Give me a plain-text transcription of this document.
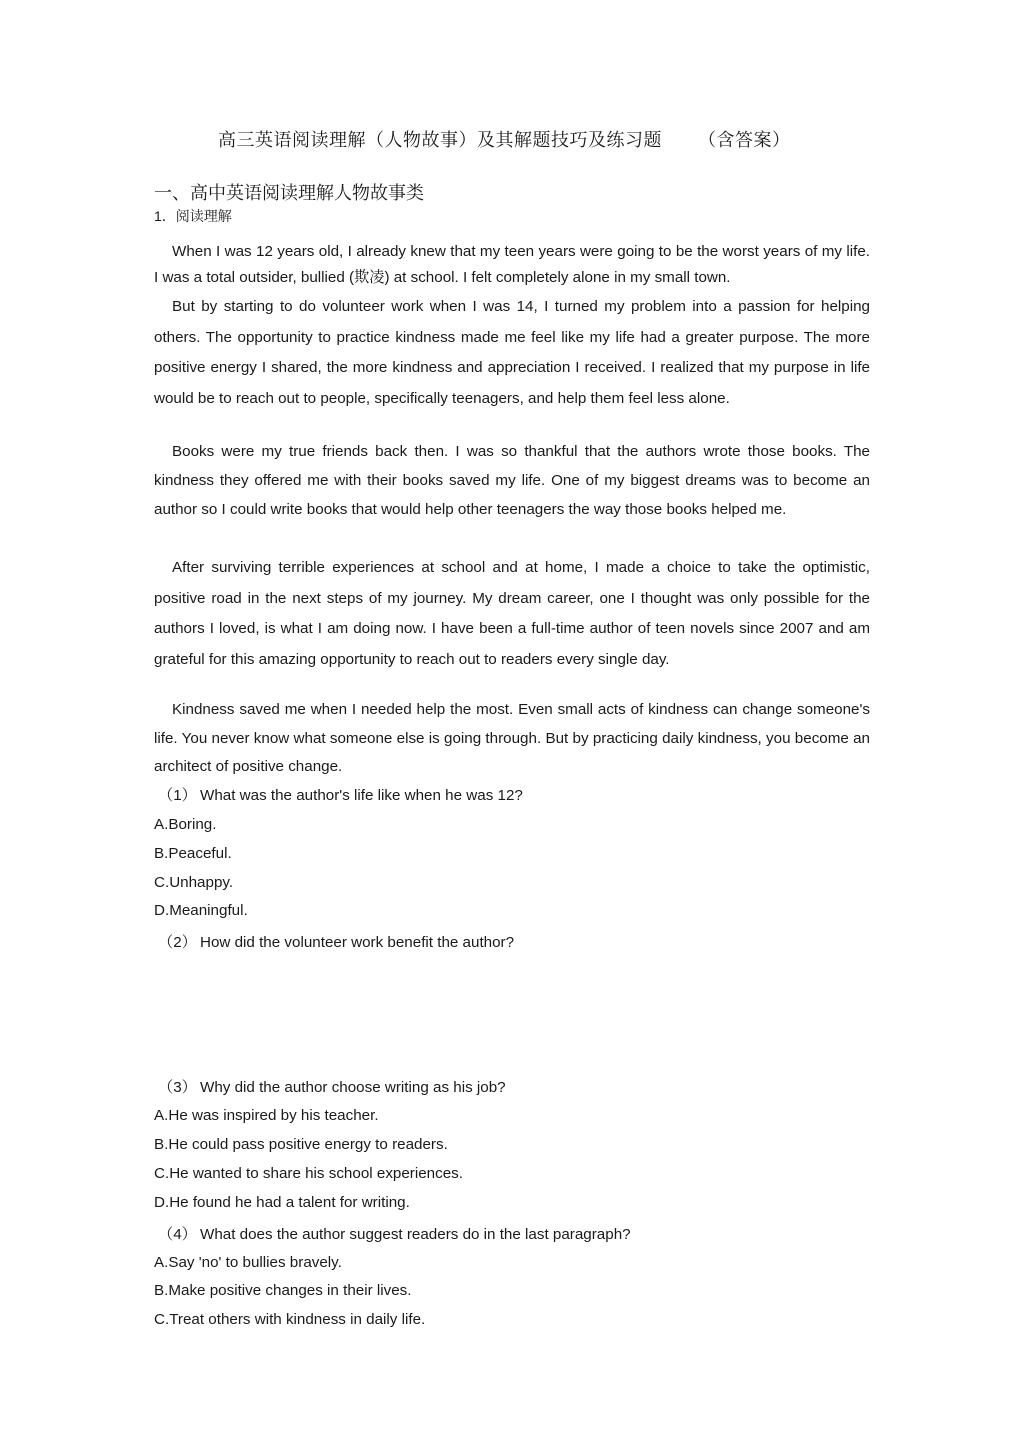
高三英语阅读理解（人物故事）及其解题技巧及练习题 （含答案）
一、高中英语阅读理解人物故事类
1．阅读理解

When I was 12 years old, I already knew that my teen years were going to be the worst years of my life. I was a total outsider, bullied (欺凌) at school. I felt completely alone in my small town.

But by starting to do volunteer work when I was 14, I turned my problem into a passion for helping others. The opportunity to practice kindness made me feel like my life had a greater purpose. The more positive energy I shared, the more kindness and appreciation I received. I realized that my purpose in life would be to reach out to people, specifically teenagers, and help them feel less alone.

Books were my true friends back then. I was so thankful that the authors wrote those books. The kindness they offered me with their books saved my life. One of my biggest dreams was to become an author so I could write books that would help other teenagers the way those books helped me.

After surviving terrible experiences at school and at home, I made a choice to take the optimistic, positive road in the next steps of my journey. My dream career, one I thought was only possible for the authors I loved, is what I am doing now. I have been a full-time author of teen novels since 2007 and am grateful for this amazing opportunity to reach out to readers every single day.

Kindness saved me when I needed help the most. Even small acts of kindness can change someone's life. You never know what someone else is going through. But by practicing daily kindness, you become an architect of positive change.

（1） What was the author's life like when he was 12?
A.Boring.
B.Peaceful.
C.Unhappy.
D.Meaningful.
（2） How did the volunteer work benefit the author?
（3） Why did the author choose writing as his job?
A.He was inspired by his teacher.
B.He could pass positive energy to readers.
C.He wanted to share his school experiences.
D.He found he had a talent for writing.
（4） What does the author suggest readers do in the last paragraph?
A.Say 'no' to bullies bravely.
B.Make positive changes in their lives.
C.Treat others with kindness in daily life.
